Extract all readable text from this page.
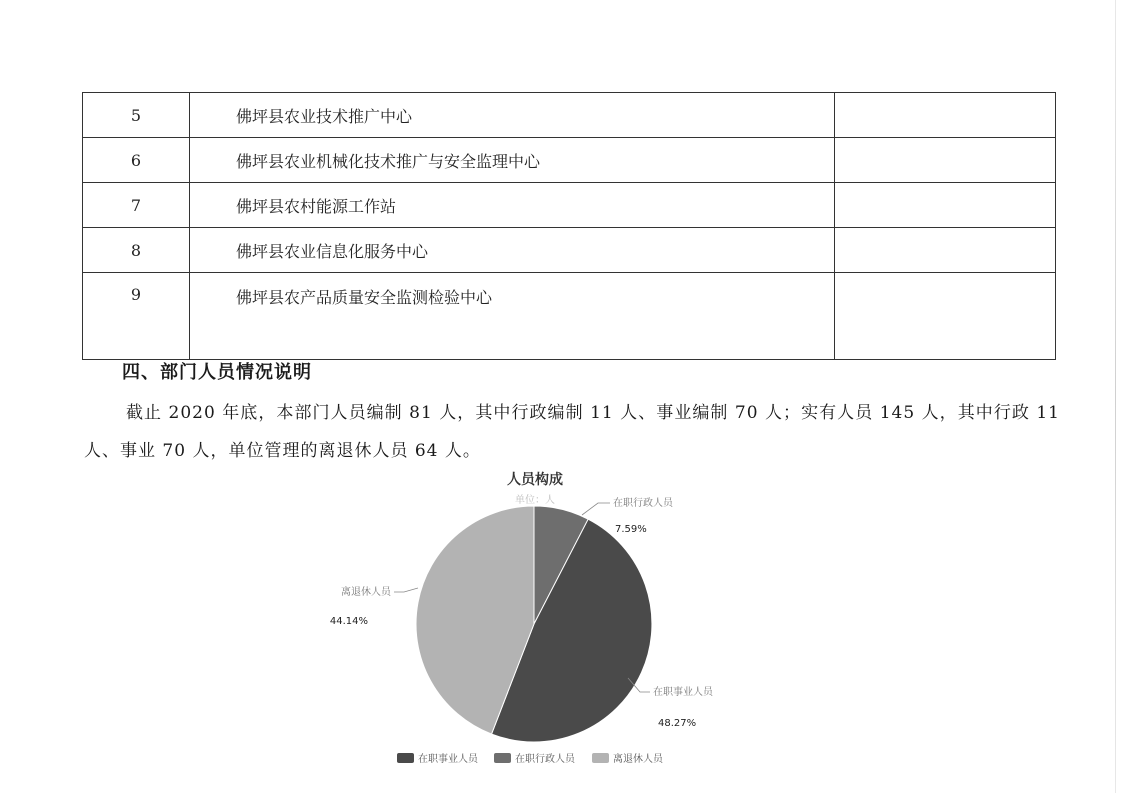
5	佛坪县农业技术推广中心	
6	佛坪县农业机械化技术推广与安全监理中心	
7	佛坪县农村能源工作站	
8	佛坪县农业信息化服务中心	
9	佛坪县农产品质量安全监测检验中心	
四、部门人员情况说明
截止 2020 年底，本部门人员编制 81 人，其中行政编制 11 人、事业编制 70 人；实有人员 145 人，其中行政 11 人、事业 70 人，单位管理的离退休人员 64 人。
人员构成
单位：人	在职行政人员
在职事业人员
离退休人员
7.59%
48.27%
44.14%
在职事业人员	在职行政人员	离退休人员
